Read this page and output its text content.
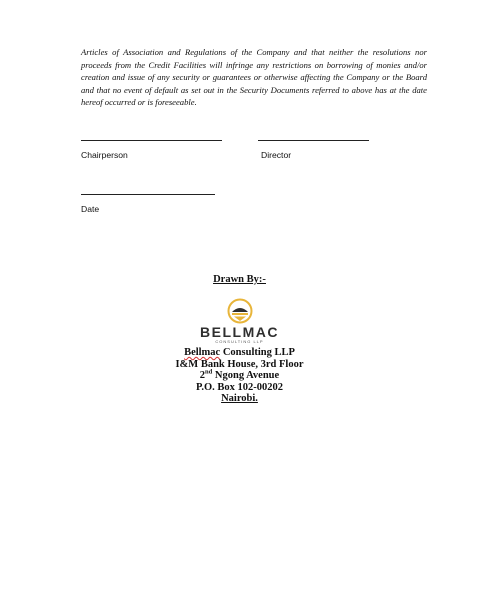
Articles of Association and Regulations of the Company and that neither the resolutions nor proceeds from the Credit Facilities will infringe any restrictions on borrowing of monies and/or creation and issue of any security or guarantees or otherwise affecting the Company or the Board and that no event of default as set out in the Security Documents referred to above has at the date hereof occurred or is foreseeable.

Chairperson	Director
Date
Drawn By:-
BELLMAC
CONSULTING LLP
Bellmac Consulting LLP
I&M Bank House, 3rd Floor
2nd Ngong Avenue
P.O. Box 102-00202
Nairobi.
